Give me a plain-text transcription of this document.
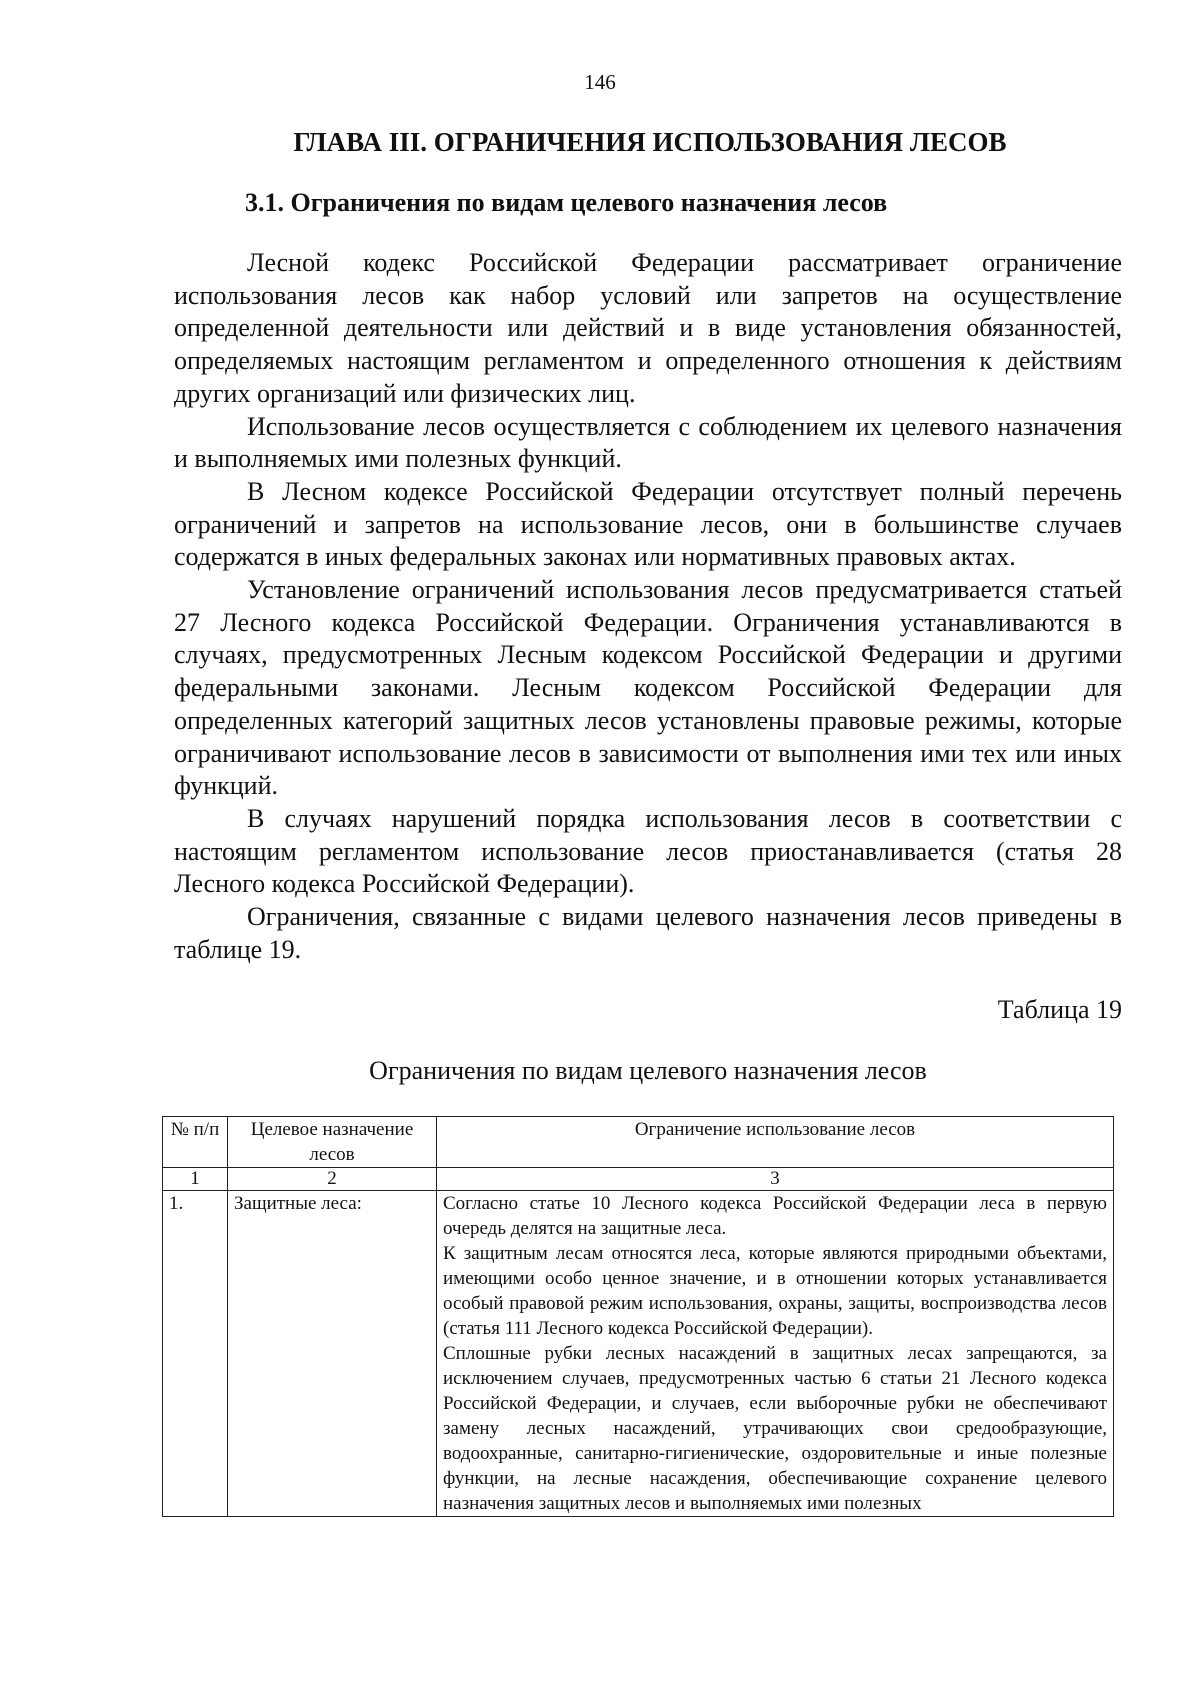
146
ГЛАВА III. ОГРАНИЧЕНИЯ ИСПОЛЬЗОВАНИЯ ЛЕСОВ
3.1. Ограничения по видам целевого назначения лесов

Лесной кодекс Российской Федерации рассматривает ограничение использования лесов как набор условий или запретов на осуществление определенной деятельности или действий и в виде установления обязанностей, определяемых настоящим регламентом и определенного отношения к действиям других организаций или физических лиц.

Использование лесов осуществляется с соблюдением их целевого назначения и выполняемых ими полезных функций.

В Лесном кодексе Российской Федерации отсутствует полный перечень ограничений и запретов на использование лесов, они в большинстве случаев содержатся в иных федеральных законах или нормативных правовых актах.

Установление ограничений использования лесов предусматривается статьей 27 Лесного кодекса Российской Федерации. Ограничения устанавливаются в случаях, предусмотренных Лесным кодексом Российской Федерации и другими федеральными законами. Лесным кодексом Российской Федерации для определенных категорий защитных лесов установлены правовые режимы, которые ограничивают использование лесов в зависимости от выполнения ими тех или иных функций.

В случаях нарушений порядка использования лесов в соответствии с настоящим регламентом использование лесов приостанавливается (статья 28 Лесного кодекса Российской Федерации).

Ограничения, связанные с видами целевого назначения лесов приведены в таблице 19.

Таблица 19
Ограничения по видам целевого назначения лесов
№ п/п	Целевое назначение лесов	Ограничение использование лесов
1	2	3
1.	Защитные леса:	Согласно статье 10 Лесного кодекса Российской Федерации леса в первую очередь делятся на защитные леса.

К защитным лесам относятся леса, которые являются природными объектами, имеющими особо ценное значение, и в отношении которых устанавливается особый правовой режим использования, охраны, защиты, воспроизводства лесов (статья 111 Лесного кодекса Российской Федерации).

Сплошные рубки лесных насаждений в защитных лесах запрещаются, за исключением случаев, предусмотренных частью 6 статьи 21 Лесного кодекса Российской Федерации, и случаев, если выборочные рубки не обеспечивают замену лесных насаждений, утрачивающих свои средообразующие, водоохранные, санитарно-гигиенические, оздоровительные и иные полезные функции, на лесные насаждения, обеспечивающие сохранение целевого назначения защитных лесов и выполняемых ими полезных
